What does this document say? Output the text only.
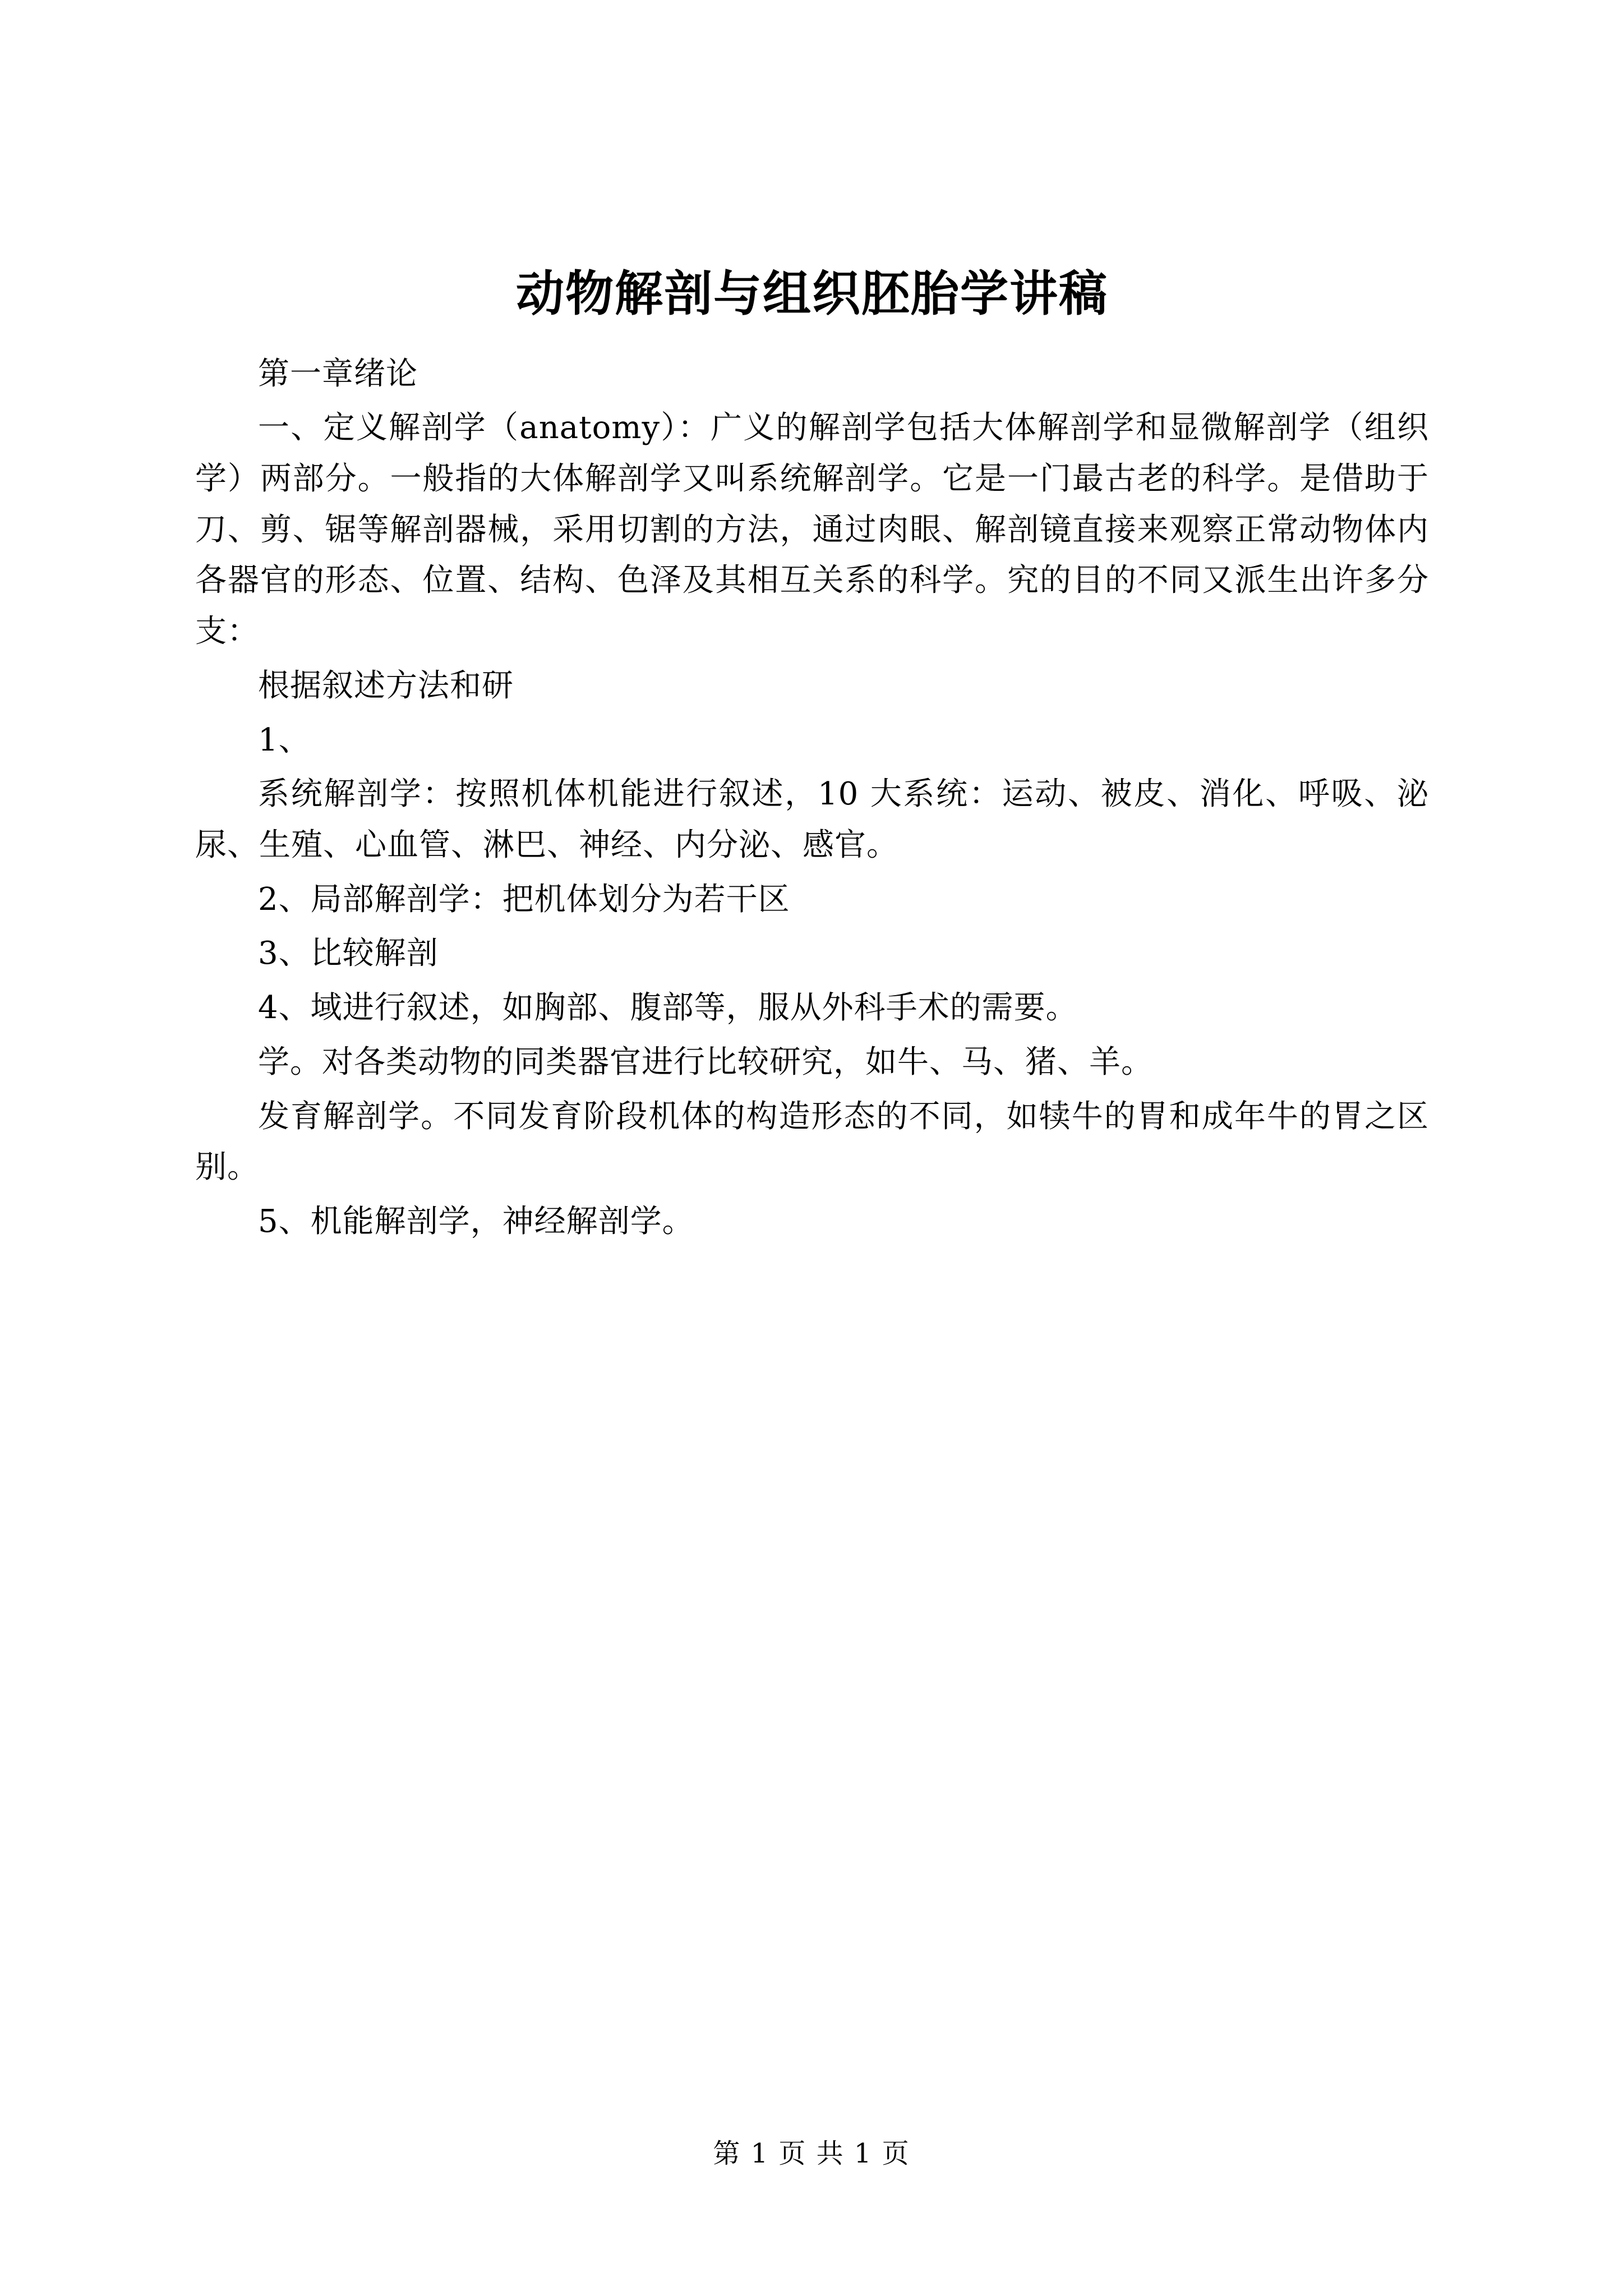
动物解剖与组织胚胎学讲稿

第一章绪论

一、定义解剖学（anatomy）：广义的解剖学包括大体解剖学和显微解剖学（组织学）两部分。一般指的大体解剖学又叫系统解剖学。它是一门最古老的科学。是借助于刀、剪、锯等解剖器械，采用切割的方法，通过肉眼、解剖镜直接来观察正常动物体内各器官的形态、位置、结构、色泽及其相互关系的科学。究的目的不同又派生出许多分支：

根据叙述方法和研

1、

系统解剖学：按照机体机能进行叙述，10 大系统：运动、被皮、消化、呼吸、泌尿、生殖、心血管、淋巴、神经、内分泌、感官。

2、局部解剖学：把机体划分为若干区

3、比较解剖

4、域进行叙述，如胸部、腹部等，服从外科手术的需要。

学。对各类动物的同类器官进行比较研究，如牛、马、猪、羊。

发育解剖学。不同发育阶段机体的构造形态的不同，如犊牛的胃和成年牛的胃之区别。

5、机能解剖学，神经解剖学。

第 1 页 共 1 页
